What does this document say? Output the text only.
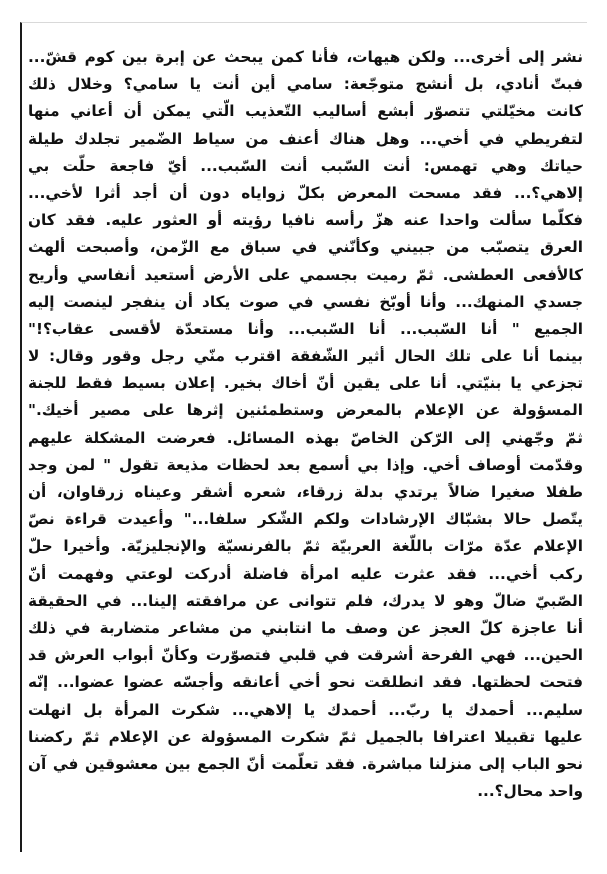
نشر إلى أخرى... ولكن هيهات، فأنا كمن يبحث عن إبرة بين كوم قشّ...
فبتّ أنادي، بل أنشج متوجّعة: سامي أين أنت يا سامي؟ وخلال ذلك
كانت مخيّلتي تتصوّر أبشع أساليب التّعذيب الّتي يمكن أن أعاني منها
لتفريطي في أخي... وهل هناك أعنف من سياط الضّمير تجلدك طيلة
حياتك وهي تهمس: أنت السّبب أنت السّبب... أيّ فاجعة حلّت بي
إلاهي؟... فقد مسحت المعرض بكلّ زواياه دون أن أجد أثرا لأخي...
فكلّما سألت واحدا عنه هزّ رأسه نافيا رؤيته أو العثور عليه. فقد كان
العرق يتصبّب من جبيني وكأنّني في سباق مع الزّمن، وأصبحت ألهث
كالأفعى العطشى. ثمّ رميت بجسمي على الأرض أستعيد أنفاسي وأريح
جسدي المنهك... وأنا أوبّخ نفسي في صوت يكاد أن ينفجر لينصت إليه
الجميع " أنا السّبب... أنا السّبب... وأنا مستعدّة لأقسى عقاب؟!"
بينما أنا على تلك الحال أثير الشّفقة اقترب منّي رجل وقور وقال: لا
تجزعي يا بنيّتي. أنا على يقين أنّ أخاك بخير. إعلان بسيط فقط للجنة
المسؤولة عن الإعلام بالمعرض وستطمئنين إثرها على مصير أخيك."
ثمّ وجّهني إلى الرّكن الخاصّ بهذه المسائل. فعرضت المشكلة عليهم
وقدّمت أوصاف أخي. وإذا بي أسمع بعد لحظات مذيعة تقول " لمن وجد
طفلا صغيرا ضالاً يرتدي بدلة زرقاء، شعره أشقر وعيناه زرقاوان، أن
يتّصل حالا بشبّاك الإرشادات ولكم الشّكر سلفا..." وأعيدت قراءة نصّ
الإعلام عدّة مرّات باللّغة العربيّة ثمّ بالفرنسيّة والإنجليزيّة. وأخيرا حلّ
ركب أخي... فقد عثرت عليه امرأة فاضلة أدركت لوعتي وفهمت أنّ
الصّبيّ ضالّ وهو لا يدرك، فلم تتوانى عن مرافقته إلينا... في الحقيقة
أنا عاجزة كلّ العجز عن وصف ما انتابني من مشاعر متضاربة في ذلك
الحين... فهي الفرحة أشرقت في قلبي فتصوّرت وكأنّ أبواب العرش قد
فتحت لحظتها. فقد انطلقت نحو أخي أعانقه وأجسّه عضوا عضوا... إنّه
سليم... أحمدك يا ربّ... أحمدك يا إلاهي... شكرت المرأة بل انهلت
عليها تقبيلا اعترافا بالجميل ثمّ شكرت المسؤولة عن الإعلام ثمّ ركضنا
نحو الباب إلى منزلنا مباشرة. فقد تعلّمت أنّ الجمع بين معشوقين في آن
واحد محال؟...
